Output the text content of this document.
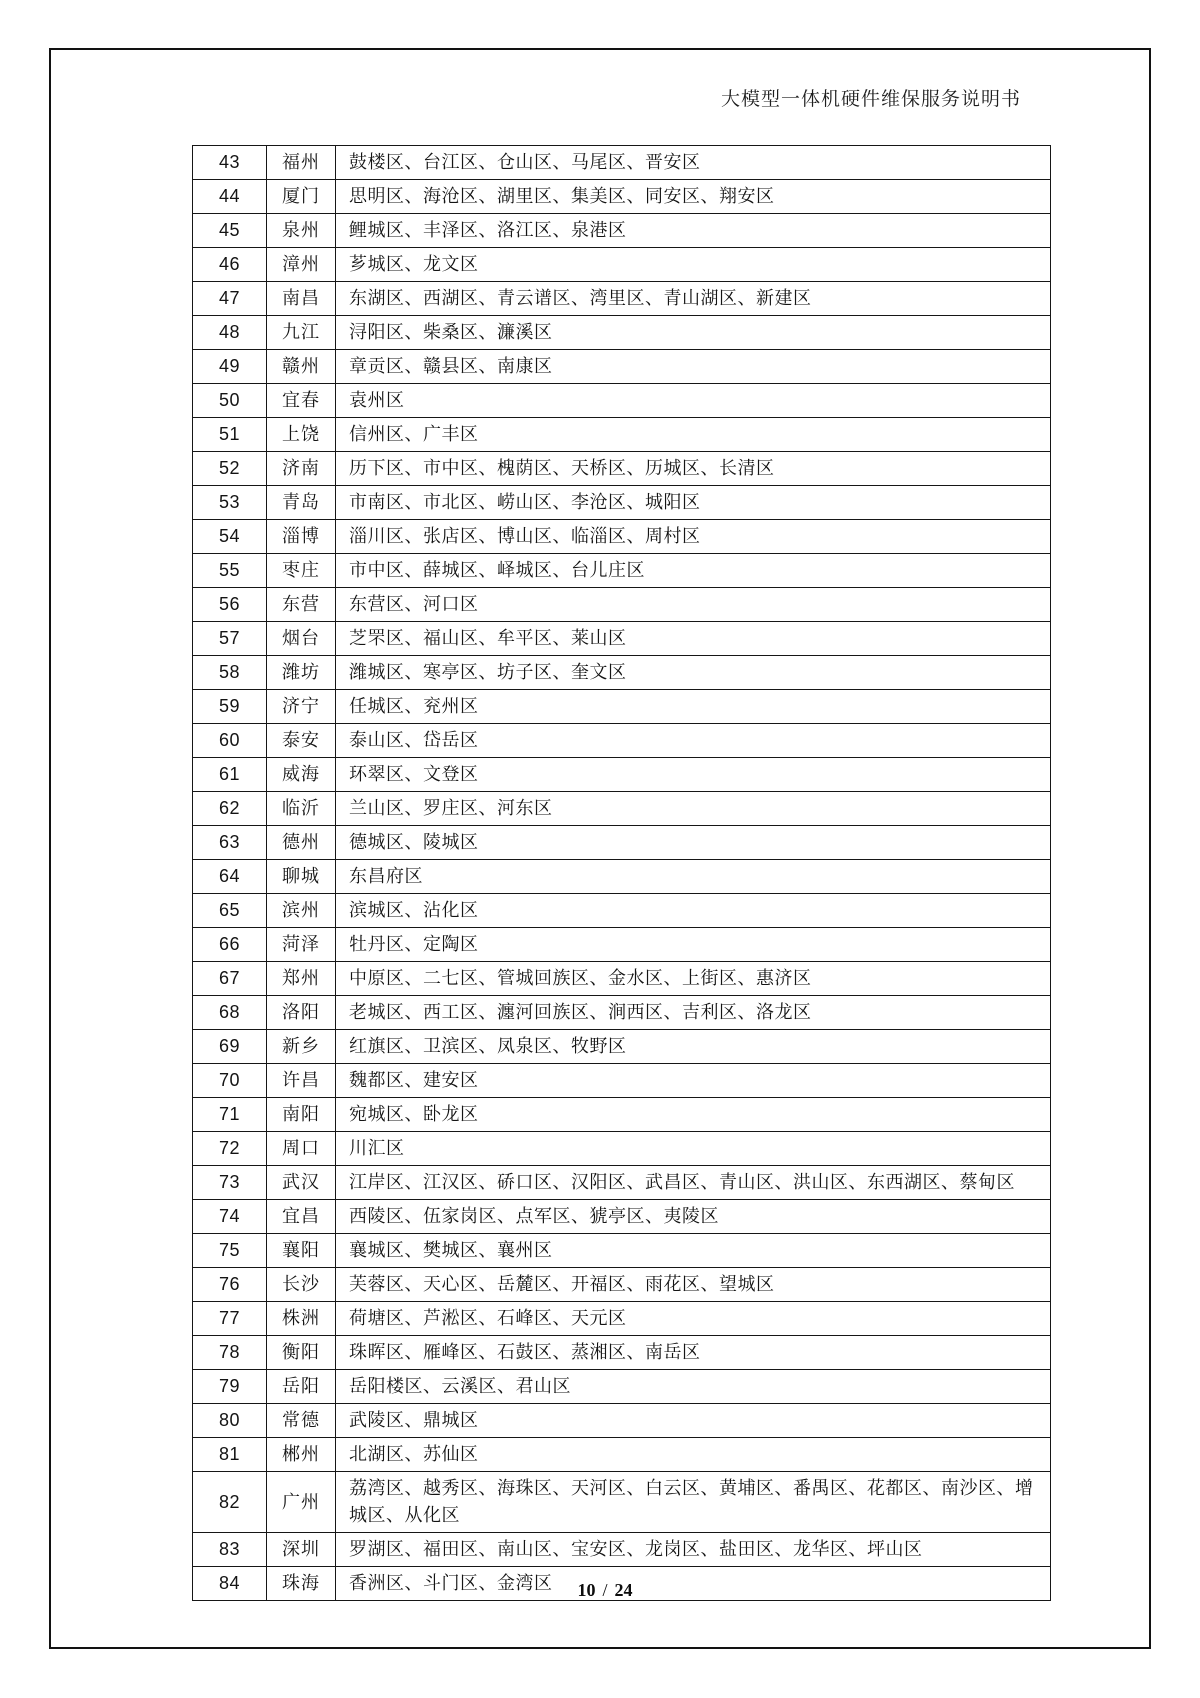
大模型一体机硬件维保服务说明书
43	福州	鼓楼区、台江区、仓山区、马尾区、晋安区
44	厦门	思明区、海沧区、湖里区、集美区、同安区、翔安区
45	泉州	鲤城区、丰泽区、洛江区、泉港区
46	漳州	芗城区、龙文区
47	南昌	东湖区、西湖区、青云谱区、湾里区、青山湖区、新建区
48	九江	浔阳区、柴桑区、濂溪区
49	赣州	章贡区、赣县区、南康区
50	宜春	袁州区
51	上饶	信州区、广丰区
52	济南	历下区、市中区、槐荫区、天桥区、历城区、长清区
53	青岛	市南区、市北区、崂山区、李沧区、城阳区
54	淄博	淄川区、张店区、博山区、临淄区、周村区
55	枣庄	市中区、薛城区、峄城区、台儿庄区
56	东营	东营区、河口区
57	烟台	芝罘区、福山区、牟平区、莱山区
58	潍坊	潍城区、寒亭区、坊子区、奎文区
59	济宁	任城区、兖州区
60	泰安	泰山区、岱岳区
61	威海	环翠区、文登区
62	临沂	兰山区、罗庄区、河东区
63	德州	德城区、陵城区
64	聊城	东昌府区
65	滨州	滨城区、沾化区
66	菏泽	牡丹区、定陶区
67	郑州	中原区、二七区、管城回族区、金水区、上街区、惠济区
68	洛阳	老城区、西工区、瀍河回族区、涧西区、吉利区、洛龙区
69	新乡	红旗区、卫滨区、凤泉区、牧野区
70	许昌	魏都区、建安区
71	南阳	宛城区、卧龙区
72	周口	川汇区
73	武汉	江岸区、江汉区、硚口区、汉阳区、武昌区、青山区、洪山区、东西湖区、蔡甸区
74	宜昌	西陵区、伍家岗区、点军区、猇亭区、夷陵区
75	襄阳	襄城区、樊城区、襄州区
76	长沙	芙蓉区、天心区、岳麓区、开福区、雨花区、望城区
77	株洲	荷塘区、芦淞区、石峰区、天元区
78	衡阳	珠晖区、雁峰区、石鼓区、蒸湘区、南岳区
79	岳阳	岳阳楼区、云溪区、君山区
80	常德	武陵区、鼎城区
81	郴州	北湖区、苏仙区
82	广州	荔湾区、越秀区、海珠区、天河区、白云区、黄埔区、番禺区、花都区、南沙区、增城区、从化区
83	深圳	罗湖区、福田区、南山区、宝安区、龙岗区、盐田区、龙华区、坪山区
84	珠海	香洲区、斗门区、金湾区	10 / 24
